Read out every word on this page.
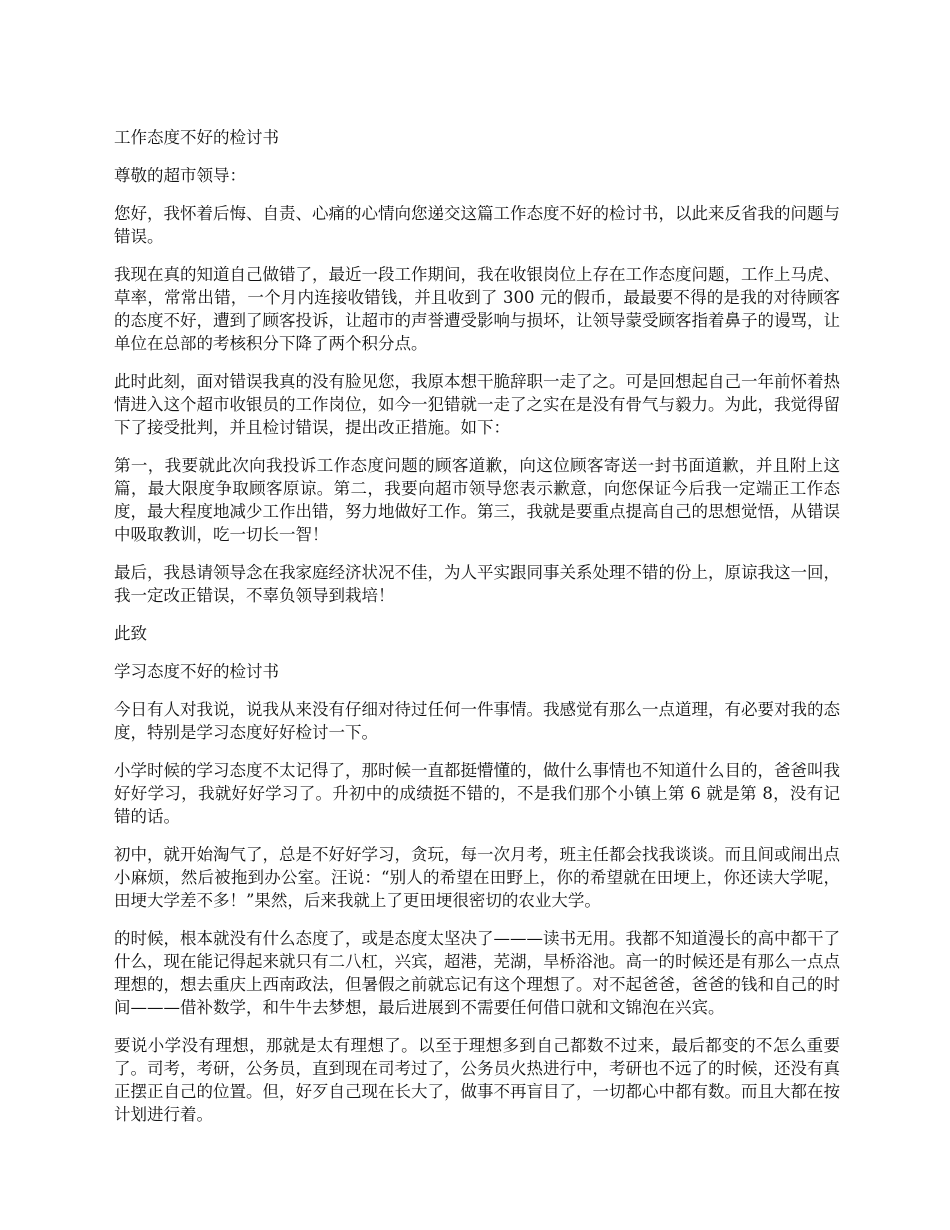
工作态度不好的检讨书

尊敬的超市领导：

您好，我怀着后悔、自责、心痛的心情向您递交这篇工作态度不好的检讨书，以此来反省我的问题与错误。

我现在真的知道自己做错了，最近一段工作期间，我在收银岗位上存在工作态度问题，工作上马虎、草率，常常出错，一个月内连接收错钱，并且收到了 300 元的假币，最最要不得的是我的对待顾客的态度不好，遭到了顾客投诉，让超市的声誉遭受影响与损坏，让领导蒙受顾客指着鼻子的谩骂，让单位在总部的考核积分下降了两个积分点。

此时此刻，面对错误我真的没有脸见您，我原本想干脆辞职一走了之。可是回想起自己一年前怀着热情进入这个超市收银员的工作岗位，如今一犯错就一走了之实在是没有骨气与毅力。为此，我觉得留下了接受批判，并且检讨错误，提出改正措施。如下：

第一，我要就此次向我投诉工作态度问题的顾客道歉，向这位顾客寄送一封书面道歉，并且附上这篇，最大限度争取顾客原谅。第二，我要向超市领导您表示歉意，向您保证今后我一定端正工作态度，最大程度地减少工作出错，努力地做好工作。第三，我就是要重点提高自己的思想觉悟，从错误中吸取教训，吃一切长一智！

最后，我恳请领导念在我家庭经济状况不佳，为人平实跟同事关系处理不错的份上，原谅我这一回，我一定改正错误，不辜负领导到栽培！

此致

学习态度不好的检讨书

今日有人对我说，说我从来没有仔细对待过任何一件事情。我感觉有那么一点道理，有必要对我的态度，特别是学习态度好好检讨一下。

小学时候的学习态度不太记得了，那时候一直都挺懵懂的，做什么事情也不知道什么目的，爸爸叫我好好学习，我就好好学习了。升初中的成绩挺不错的，不是我们那个小镇上第 6 就是第 8，没有记错的话。

初中，就开始淘气了，总是不好好学习，贪玩，每一次月考，班主任都会找我谈谈。而且间或闹出点小麻烦，然后被拖到办公室。汪说：“别人的希望在田野上，你的希望就在田埂上，你还读大学呢，田埂大学差不多！”果然，后来我就上了更田埂很密切的农业大学。

的时候，根本就没有什么态度了，或是态度太坚决了———读书无用。我都不知道漫长的高中都干了什么，现在能记得起来就只有二八杠，兴宾，超港，芜湖，旱桥浴池。高一的时候还是有那么一点点理想的，想去重庆上西南政法，但暑假之前就忘记有这个理想了。对不起爸爸，爸爸的钱和自己的时间———借补数学，和牛牛去梦想，最后进展到不需要任何借口就和文锦泡在兴宾。

要说小学没有理想，那就是太有理想了。以至于理想多到自己都数不过来，最后都变的不怎么重要了。司考，考研，公务员，直到现在司考过了，公务员火热进行中，考研也不远了的时候，还没有真正摆正自己的位置。但，好歹自己现在长大了，做事不再盲目了，一切都心中都有数。而且大都在按计划进行着。
